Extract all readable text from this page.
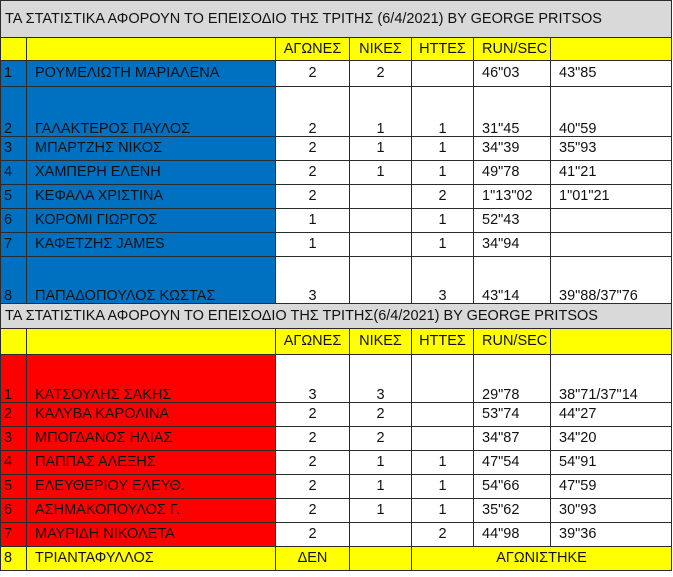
ΤΑ ΣΤΑΤΙΣΤΙΚΑ ΑΦΟΡΟΥΝ ΤΟ ΕΠΕΙΣΟΔΙΟ ΤΗΣ ΤΡΙΤΗΣ (6/4/2021) BY GEORGE PRITSOS						
		ΑΓΩΝΕΣ	ΝΙΚΕΣ	ΗΤΤΕΣ	RUN/SEC	
1	ΡΟΥΜΕΛΙΩΤΗ ΜΑΡΙΑΛΕΝΑ	2	2		46"03	43"85
2	ΓΑΛΑΚΤΕΡΟΣ ΠΑΥΛΟΣ	2	1	1	31"45	40"59
3	ΜΠΑΡΤΖΗΣ ΝΙΚΟΣ	2	1	1	34"39	35"93
4	ΧΑΜΠΕΡΗ ΕΛΕΝΗ	2	1	1	49"78	41"21
5	ΚΕΦΑΛΑ ΧΡΙΣΤΙΝΑ	2		2	1"13"02	1"01"21
6	ΚΟΡΟΜΙ ΓΙΩΡΓΟΣ	1		1	52"43	
7	ΚΑΦΕΤΖΗΣ JAMES	1		1	34"94	
8	ΠΑΠΑΔΟΠΟΥΛΟΣ ΚΩΣΤΑΣ	3		3	43"14	39"88/37"76
ΤΑ ΣΤΑΤΙΣΤΙΚΑ ΑΦΟΡΟΥΝ ΤΟ ΕΠΕΙΣΟΔΙΟ ΤΗΣ ΤΡΙΤΗΣ(6/4/2021) BY GEORGE PRITSOS						
		ΑΓΩΝΕΣ	ΝΙΚΕΣ	ΗΤΤΕΣ	RUN/SEC	
1	ΚΑΤΣΟΥΛΗΣ ΣΑΚΗΣ	3	3		29"78	38"71/37"14
2	ΚΑΛΥΒΑ ΚΑΡΟΛΙΝΑ	2	2		53"74	44"27
3	ΜΠΟΓΔΑΝΟΣ ΗΛΙΑΣ	2	2		34"87	34"20
4	ΠΑΠΠΑΣ ΑΛΕΞΗΣ	2	1	1	47"54	54"91
5	ΕΛΕΥΘΕΡΙΟΥ ΕΛΕΥΘ.	2	1	1	54"66	47"59
6	ΑΣΗΜΑΚΟΠΟΥΛΟΣ Γ.	2	1	1	35"62	30"93
7	ΜΑΥΡΙΔΗ ΝΙΚΟΛΕΤΑ	2		2	44"98	39"36
8	ΤΡΙΑΝΤΑΦΥΛΛΟΣ	ΔΕΝ		ΑΓΩΝΙΣΤΗΚΕ		
